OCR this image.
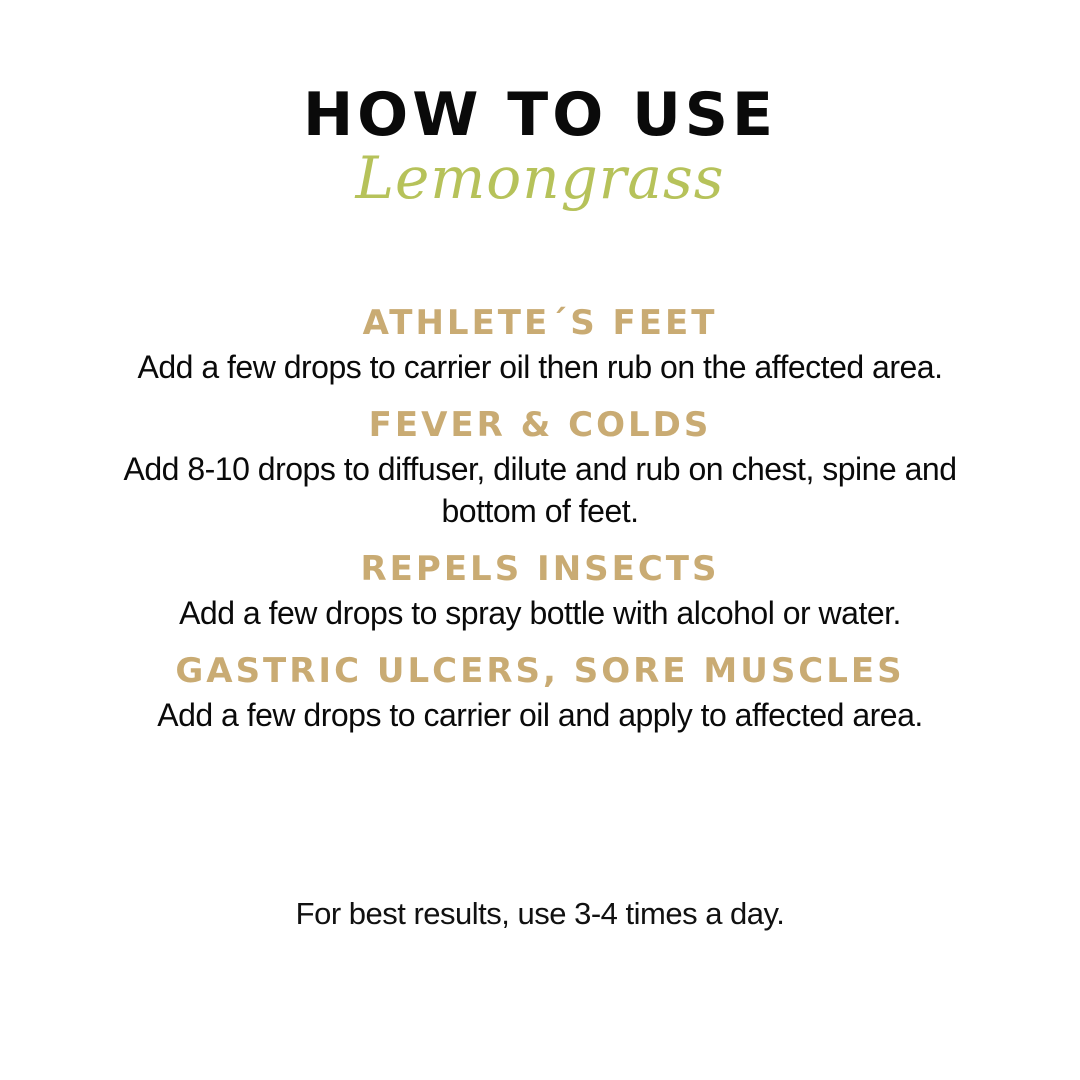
HOW TO USE
Lemongrass
ATHLETE´S FEET
Add a few drops to carrier oil then rub on the affected area.
FEVER & COLDS
Add 8-10 drops to diffuser, dilute and rub on chest, spine and bottom of feet.
REPELS INSECTS
Add a few drops to spray bottle with alcohol or water.
GASTRIC ULCERS, SORE MUSCLES
Add a few drops to carrier oil and apply to affected area.
For best results, use 3-4 times a day.
